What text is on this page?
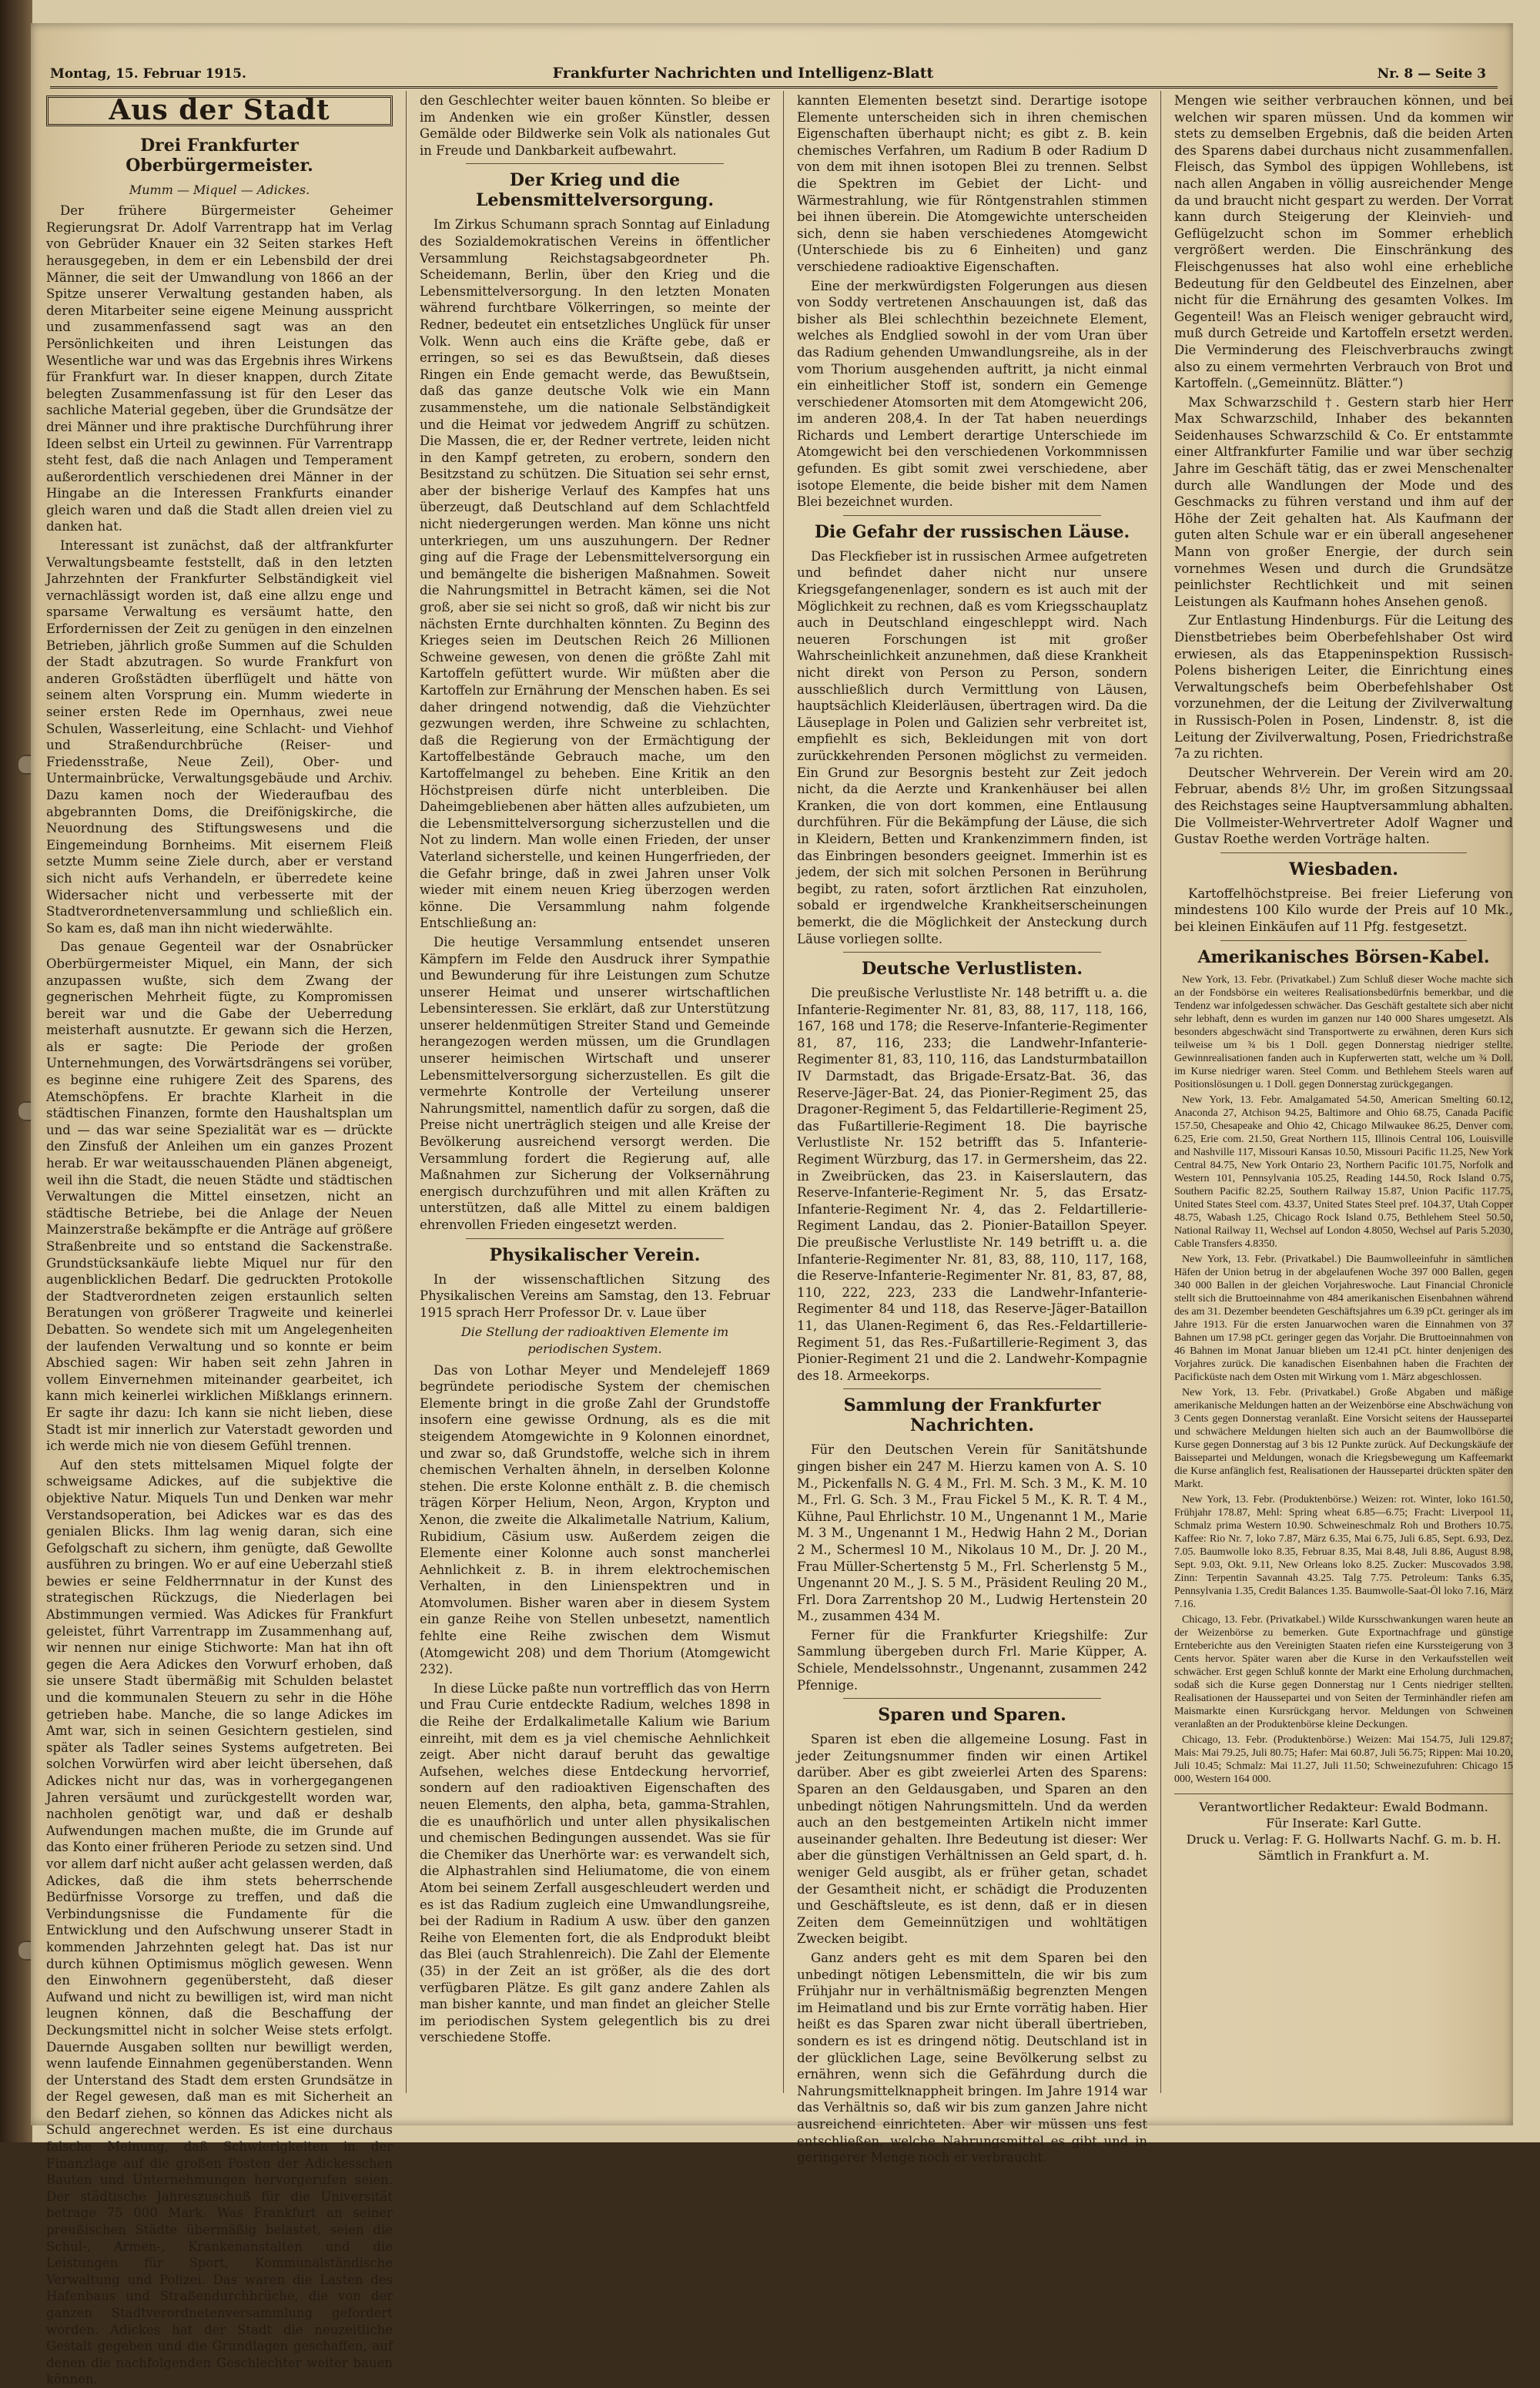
Montag, 15. Februar 1915.	Frankfurter Nachrichten und Intelligenz-Blatt	Nr. 8 — Seite 3
Aus der Stadt
Drei Frankfurter Oberbürgermeister.
Mumm — Miquel — Adickes.

Der frühere Bürgermeister Geheimer Regierungsrat Dr. Adolf Varrentrapp hat im Verlag von Gebrüder Knauer ein 32 Seiten starkes Heft herausgegeben, in dem er ein Lebensbild der drei Männer, die seit der Umwandlung von 1866 an der Spitze unserer Verwaltung gestanden haben, als deren Mitarbeiter seine eigene Meinung ausspricht und zusammenfassend sagt was an den Persönlichkeiten und ihren Leistungen das Wesentliche war und was das Ergebnis ihres Wirkens für Frankfurt war. In dieser knappen, durch Zitate belegten Zusammenfassung ist für den Leser das sachliche Material gegeben, über die Grundsätze der drei Männer und ihre praktische Durchführung ihrer Ideen selbst ein Urteil zu gewinnen. Für Varrentrapp steht fest, daß die nach Anlagen und Temperament außerordentlich verschiedenen drei Männer in der Hingabe an die Interessen Frankfurts einander gleich waren und daß die Stadt allen dreien viel zu danken hat.

Interessant ist zunächst, daß der altfrankfurter Verwaltungsbeamte feststellt, daß in den letzten Jahrzehnten der Frankfurter Selbständigkeit viel vernachlässigt worden ist, daß eine allzu enge und sparsame Verwaltung es versäumt hatte, den Erfordernissen der Zeit zu genügen in den einzelnen Betrieben, jährlich große Summen auf die Schulden der Stadt abzutragen. So wurde Frankfurt von anderen Großstädten überflügelt und hätte von seinem alten Vorsprung ein. Mumm wiederte in seiner ersten Rede im Opernhaus, zwei neue Schulen, Wasserleitung, eine Schlacht- und Viehhof und Straßendurchbrüche (Reiser- und Friedensstraße, Neue Zeil), Ober- und Untermainbrücke, Verwaltungsgebäude und Archiv. Dazu kamen noch der Wiederaufbau des abgebrannten Doms, die Dreifönigskirche, die Neuordnung des Stiftungswesens und die Eingemeindung Bornheims. Mit eisernem Fleiß setzte Mumm seine Ziele durch, aber er verstand sich nicht aufs Verhandeln, er überredete keine Widersacher nicht und verbesserte mit der Stadtverordnetenversammlung und schließlich ein. So kam es, daß man ihn nicht wiederwählte.

Das genaue Gegenteil war der Osnabrücker Oberbürgermeister Miquel, ein Mann, der sich anzupassen wußte, sich dem Zwang der gegnerischen Mehrheit fügte, zu Kompromissen bereit war und die Gabe der Ueberredung meisterhaft ausnutzte. Er gewann sich die Herzen, als er sagte: Die Periode der großen Unternehmungen, des Vorwärtsdrängens sei vorüber, es beginne eine ruhigere Zeit des Sparens, des Atemschöpfens. Er brachte Klarheit in die städtischen Finanzen, formte den Haushaltsplan um und — das war seine Spezialität war es — drückte den Zinsfuß der Anleihen um ein ganzes Prozent herab. Er war weitausschauenden Plänen abgeneigt, weil ihn die Stadt, die neuen Städte und städtischen Verwaltungen die Mittel einsetzen, nicht an städtische Betriebe, bei die Anlage der Neuen Mainzerstraße bekämpfte er die Anträge auf größere Straßenbreite und so entstand die Sackenstraße. Grundstücksankäufe liebte Miquel nur für den augenblicklichen Bedarf. Die gedruckten Protokolle der Stadtverordneten zeigen erstaunlich selten Beratungen von größerer Tragweite und keinerlei Debatten. So wendete sich mit um Angelegenheiten der laufenden Verwaltung und so konnte er beim Abschied sagen: Wir haben seit zehn Jahren in vollem Einvernehmen miteinander gearbeitet, ich kann mich keinerlei wirklichen Mißklangs erinnern. Er sagte ihr dazu: Ich kann sie nicht lieben, diese Stadt ist mir innerlich zur Vaterstadt geworden und ich werde mich nie von diesem Gefühl trennen.

Auf den stets mittelsamen Miquel folgte der schweigsame Adickes, auf die subjektive die objektive Natur. Miquels Tun und Denken war mehr Verstandsoperation, bei Adickes war es das des genialen Blicks. Ihm lag wenig daran, sich eine Gefolgschaft zu sichern, ihm genügte, daß Gewollte ausführen zu bringen. Wo er auf eine Ueberzahl stieß bewies er seine Feldherrnnatur in der Kunst des strategischen Rückzugs, die Niederlagen bei Abstimmungen vermied. Was Adickes für Frankfurt geleistet, führt Varrentrapp im Zusammenhang auf, wir nennen nur einige Stichworte: Man hat ihn oft gegen die Aera Adickes den Vorwurf erhoben, daß sie unsere Stadt übermäßig mit Schulden belastet und die kommunalen Steuern zu sehr in die Höhe getrieben habe. Manche, die so lange Adickes im Amt war, sich in seinen Gesichtern gestielen, sind später als Tadler seines Systems aufgetreten. Bei solchen Vorwürfen wird aber leicht übersehen, daß Adickes nicht nur das, was in vorhergegangenen Jahren versäumt und zurückgestellt worden war, nachholen genötigt war, und daß er deshalb Aufwendungen machen mußte, die im Grunde auf das Konto einer früheren Periode zu setzen sind. Und vor allem darf nicht außer acht gelassen werden, daß Adickes, daß die ihm stets beherrschende Bedürfnisse Vorsorge zu treffen, und daß die Verbindungsnisse die Fundamente für die Entwicklung und den Aufschwung unserer Stadt in kommenden Jahrzehnten gelegt hat. Das ist nur durch kühnen Optimismus möglich gewesen. Wenn den Einwohnern gegenübersteht, daß dieser Aufwand und nicht zu bewilligen ist, wird man nicht leugnen können, daß die Beschaffung der Deckungsmittel nicht in solcher Weise stets erfolgt. Dauernde Ausgaben sollten nur bewilligt werden, wenn laufende Einnahmen gegenüberstanden. Wenn der Unterstand des Stadt dem ersten Grundsätze in der Regel gewesen, daß man es mit Sicherheit an den Bedarf ziehen, so können das Adickes nicht als Schuld angerechnet werden. Es ist eine durchaus falsche Meinung, daß Schwierigkeiten in der Finanzlage auf die großen Posten der Adickesschen Bauten und Unternehmungen hervorgerufen seien. Der städtische Jahreszuschuß für die Universität betrage 75 000 Mark. Was Frankfurt an seiner preußischen Städte übermäßig belastet, seien die Schul-, Armen-, Krankenanstalten und die Leistungen für Sport, Kommunalständische Verwaltung und Polizei. Das waren die Lasten des Hafenbaus und Straßendurchbrüche, die von der ganzen Stadtverordnetenversammlung gefordert worden. Adickes hat der Stadt die neuzeitliche Gestalt gegeben und die Grundlagen geschaffen, auf denen die nachfolgenden Geschlechter weiter bauen können.

den Geschlechter weiter bauen könnten. So bleibe er im Andenken wie ein großer Künstler, dessen Gemälde oder Bildwerke sein Volk als nationales Gut in Freude und Dankbarkeit aufbewahrt.

Der Krieg und die Lebensmittelversorgung.

Im Zirkus Schumann sprach Sonntag auf Einladung des Sozialdemokratischen Vereins in öffentlicher Versammlung Reichstagsabgeordneter Ph. Scheidemann, Berlin, über den Krieg und die Lebensmittelversorgung. In den letzten Monaten während furchtbare Völkerringen, so meinte der Redner, bedeutet ein entsetzliches Unglück für unser Volk. Wenn auch eins die Kräfte gebe, daß er erringen, so sei es das Bewußtsein, daß dieses Ringen ein Ende gemacht werde, das Bewußtsein, daß das ganze deutsche Volk wie ein Mann zusammenstehe, um die nationale Selbständigkeit und die Heimat vor jedwedem Angriff zu schützen. Die Massen, die er, der Redner vertrete, leiden nicht in den Kampf getreten, zu erobern, sondern den Besitzstand zu schützen. Die Situation sei sehr ernst, aber der bisherige Verlauf des Kampfes hat uns überzeugt, daß Deutschland auf dem Schlachtfeld nicht niedergerungen werden. Man könne uns nicht unterkriegen, um uns auszuhungern. Der Redner ging auf die Frage der Lebensmittelversorgung ein und bemängelte die bisherigen Maßnahmen. Soweit die Nahrungsmittel in Betracht kämen, sei die Not groß, aber sie sei nicht so groß, daß wir nicht bis zur nächsten Ernte durchhalten könnten. Zu Beginn des Krieges seien im Deutschen Reich 26 Millionen Schweine gewesen, von denen die größte Zahl mit Kartoffeln gefüttert wurde. Wir müßten aber die Kartoffeln zur Ernährung der Menschen haben. Es sei daher dringend notwendig, daß die Viehzüchter gezwungen werden, ihre Schweine zu schlachten, daß die Regierung von der Ermächtigung der Kartoffelbestände Gebrauch mache, um den Kartoffelmangel zu beheben. Eine Kritik an den Höchstpreisen dürfe nicht unterbleiben. Die Daheimgebliebenen aber hätten alles aufzubieten, um die Lebensmittelversorgung sicherzustellen und die Not zu lindern. Man wolle einen Frieden, der unser Vaterland sicherstelle, und keinen Hungerfrieden, der die Gefahr bringe, daß in zwei Jahren unser Volk wieder mit einem neuen Krieg überzogen werden könne. Die Versammlung nahm folgende Entschließung an:

Die heutige Versammlung entsendet unseren Kämpfern im Felde den Ausdruck ihrer Sympathie und Bewunderung für ihre Leistungen zum Schutze unserer Heimat und unserer wirtschaftlichen Lebensinteressen. Sie erklärt, daß zur Unterstützung unserer heldenmütigen Streiter Stand und Gemeinde herangezogen werden müssen, um die Grundlagen unserer heimischen Wirtschaft und unserer Lebensmittelversorgung sicherzustellen. Es gilt die vermehrte Kontrolle der Verteilung unserer Nahrungsmittel, namentlich dafür zu sorgen, daß die Preise nicht unerträglich steigen und alle Kreise der Bevölkerung ausreichend versorgt werden. Die Versammlung fordert die Regierung auf, alle Maßnahmen zur Sicherung der Volksernährung energisch durchzuführen und mit allen Kräften zu unterstützen, daß alle Mittel zu einem baldigen ehrenvollen Frieden eingesetzt werden.

Physikalischer Verein.

In der wissenschaftlichen Sitzung des Physikalischen Vereins am Samstag, den 13. Februar 1915 sprach Herr Professor Dr. v. Laue über

Die Stellung der radioaktiven Elemente im periodischen System.

Das von Lothar Meyer und Mendelejeff 1869 begründete periodische System der chemischen Elemente bringt in die große Zahl der Grundstoffe insofern eine gewisse Ordnung, als es die mit steigendem Atomgewichte in 9 Kolonnen einordnet, und zwar so, daß Grundstoffe, welche sich in ihrem chemischen Verhalten ähneln, in derselben Kolonne stehen. Die erste Kolonne enthält z. B. die chemisch trägen Körper Helium, Neon, Argon, Krypton und Xenon, die zweite die Alkalimetalle Natrium, Kalium, Rubidium, Cäsium usw. Außerdem zeigen die Elemente einer Kolonne auch sonst mancherlei Aehnlichkeit z. B. in ihrem elektrochemischen Verhalten, in den Linienspektren und in Atomvolumen. Bisher waren aber in diesem System ein ganze Reihe von Stellen unbesetzt, namentlich fehlte eine Reihe zwischen dem Wismut (Atomgewicht 208) und dem Thorium (Atomgewicht 232).

In diese Lücke paßte nun vortrefflich das von Herrn und Frau Curie entdeckte Radium, welches 1898 in die Reihe der Erdalkalimetalle Kalium wie Barium einreiht, mit dem es ja viel chemische Aehnlichkeit zeigt. Aber nicht darauf beruht das gewaltige Aufsehen, welches diese Entdeckung hervorrief, sondern auf den radioaktiven Eigenschaften des neuen Elements, den alpha, beta, gamma-Strahlen, die es unaufhörlich und unter allen physikalischen und chemischen Bedingungen aussendet. Was sie für die Chemiker das Unerhörte war: es verwandelt sich, die Alphastrahlen sind Heliumatome, die von einem Atom bei seinem Zerfall ausgeschleudert werden und es ist das Radium zugleich eine Umwandlungsreihe, bei der Radium in Radium A usw. über den ganzen Reihe von Elementen fort, die als Endprodukt bleibt das Blei (auch Strahlenreich). Die Zahl der Elemente (35) in der Zeit an ist größer, als die des dort verfügbaren Plätze. Es gilt ganz andere Zahlen als man bisher kannte, und man findet an gleicher Stelle im periodischen System gelegentlich bis zu drei verschiedene Stoffe.

kannten Elementen besetzt sind. Derartige isotope Elemente unterscheiden sich in ihren chemischen Eigenschaften überhaupt nicht; es gibt z. B. kein chemisches Verfahren, um Radium B oder Radium D von dem mit ihnen isotopen Blei zu trennen. Selbst die Spektren im Gebiet der Licht- und Wärmestrahlung, wie für Röntgenstrahlen stimmen bei ihnen überein. Die Atomgewichte unterscheiden sich, denn sie haben verschiedenes Atomgewicht (Unterschiede bis zu 6 Einheiten) und ganz verschiedene radioaktive Eigenschaften.

Eine der merkwürdigsten Folgerungen aus diesen von Soddy vertretenen Anschauungen ist, daß das bisher als Blei schlechthin bezeichnete Element, welches als Endglied sowohl in der vom Uran über das Radium gehenden Umwandlungsreihe, als in der vom Thorium ausgehenden auftritt, ja nicht einmal ein einheitlicher Stoff ist, sondern ein Gemenge verschiedener Atomsorten mit dem Atomgewicht 206, im anderen 208,4. In der Tat haben neuerdings Richards und Lembert derartige Unterschiede im Atomgewicht bei den verschiedenen Vorkommnissen gefunden. Es gibt somit zwei verschiedene, aber isotope Elemente, die beide bisher mit dem Namen Blei bezeichnet wurden.

Die Gefahr der russischen Läuse.

Das Fleckfieber ist in russischen Armee aufgetreten und befindet daher nicht nur unsere Kriegsgefangenenlager, sondern es ist auch mit der Möglichkeit zu rechnen, daß es vom Kriegsschauplatz auch in Deutschland eingeschleppt wird. Nach neueren Forschungen ist mit großer Wahrscheinlichkeit anzunehmen, daß diese Krankheit nicht direkt von Person zu Person, sondern ausschließlich durch Vermittlung von Läusen, hauptsächlich Kleiderläusen, übertragen wird. Da die Läuseplage in Polen und Galizien sehr verbreitet ist, empfiehlt es sich, Bekleidungen mit von dort zurückkehrenden Personen möglichst zu vermeiden. Ein Grund zur Besorgnis besteht zur Zeit jedoch nicht, da die Aerzte und Krankenhäuser bei allen Kranken, die von dort kommen, eine Entlausung durchführen. Für die Bekämpfung der Läuse, die sich in Kleidern, Betten und Krankenzimmern finden, ist das Einbringen besonders geeignet. Immerhin ist es jedem, der sich mit solchen Personen in Berührung begibt, zu raten, sofort ärztlichen Rat einzuholen, sobald er irgendwelche Krankheitserscheinungen bemerkt, die die Möglichkeit der Ansteckung durch Läuse vorliegen sollte.

Deutsche Verlustlisten.

Die preußische Verlustliste Nr. 148 betrifft u. a. die Infanterie-Regimenter Nr. 81, 83, 88, 117, 118, 166, 167, 168 und 178; die Reserve-Infanterie-Regimenter 81, 87, 116, 233; die Landwehr-Infanterie-Regimenter 81, 83, 110, 116, das Landsturmbataillon IV Darmstadt, das Brigade-Ersatz-Bat. 36, das Reserve-Jäger-Bat. 24, das Pionier-Regiment 25, das Dragoner-Regiment 5, das Feldartillerie-Regiment 25, das Fußartillerie-Regiment 18. Die bayrische Verlustliste Nr. 152 betrifft das 5. Infanterie-Regiment Würzburg, das 17. in Germersheim, das 22. in Zweibrücken, das 23. in Kaiserslautern, das Reserve-Infanterie-Regiment Nr. 5, das Ersatz-Infanterie-Regiment Nr. 4, das 2. Feldartillerie-Regiment Landau, das 2. Pionier-Bataillon Speyer. Die preußische Verlustliste Nr. 149 betrifft u. a. die Infanterie-Regimenter Nr. 81, 83, 88, 110, 117, 168, die Reserve-Infanterie-Regimenter Nr. 81, 83, 87, 88, 110, 222, 223, 233 die Landwehr-Infanterie-Regimenter 84 und 118, das Reserve-Jäger-Bataillon 11, das Ulanen-Regiment 6, das Res.-Feldartillerie-Regiment 51, das Res.-Fußartillerie-Regiment 3, das Pionier-Regiment 21 und die 2. Landwehr-Kompagnie des 18. Armeekorps.

Sammlung der Frankfurter Nachrichten.

Für den Deutschen Verein für Sanitätshunde gingen bisher ein 247 M. Hierzu kamen von A. S. 10 M., Pickenfalls N. G. 4 M., Frl. M. Sch. 3 M., K. M. 10 M., Frl. G. Sch. 3 M., Frau Fickel 5 M., K. R. T. 4 M., Kühne, Paul Ehrlichstr. 10 M., Ungenannt 1 M., Marie M. 3 M., Ungenannt 1 M., Hedwig Hahn 2 M., Dorian 2 M., Schermesl 10 M., Nikolaus 10 M., Dr. J. 20 M., Frau Müller-Schertenstg 5 M., Frl. Scherlenstg 5 M., Ungenannt 20 M., J. S. 5 M., Präsident Reuling 20 M., Frl. Dora Zarrentshop 20 M., Ludwig Hertenstein 20 M., zusammen 434 M.

Ferner für die Frankfurter Kriegshilfe: Zur Sammlung übergeben durch Frl. Marie Küpper, A. Schiele, Mendelssohnstr., Ungenannt, zusammen 242 Pfennige.

Sparen und Sparen.

Sparen ist eben die allgemeine Losung. Fast in jeder Zeitungsnummer finden wir einen Artikel darüber. Aber es gibt zweierlei Arten des Sparens: Sparen an den Geldausgaben, und Sparen an den unbedingt nötigen Nahrungsmitteln. Und da werden auch an den bestgemeinten Artikeln nicht immer auseinander gehalten. Ihre Bedeutung ist dieser: Wer aber die günstigen Verhältnissen an Geld spart, d. h. weniger Geld ausgibt, als er früher getan, schadet der Gesamtheit nicht, er schädigt die Produzenten und Geschäftsleute, es ist denn, daß er in diesen Zeiten dem Gemeinnützigen und wohltätigen Zwecken beigibt.

Ganz anders geht es mit dem Sparen bei den unbedingt nötigen Lebensmitteln, die wir bis zum Frühjahr nur in verhältnismäßig begrenzten Mengen im Heimatland und bis zur Ernte vorrätig haben. Hier heißt es das Sparen zwar nicht überall übertrieben, sondern es ist es dringend nötig. Deutschland ist in der glücklichen Lage, seine Bevölkerung selbst zu ernähren, wenn sich die Gefährdung durch die Nahrungsmittelknappheit bringen. Im Jahre 1914 war das Verhältnis so, daß wir bis zum ganzen Jahre nicht ausreichend einrichteten. Aber wir müssen uns fest entschließen, welche Nahrungsmittel es gibt und in geringerer Menge noch er verbraucht.

Mengen wie seither verbrauchen können, und bei welchen wir sparen müssen. Und da kommen wir stets zu demselben Ergebnis, daß die beiden Arten des Sparens dabei durchaus nicht zusammenfallen. Fleisch, das Symbol des üppigen Wohllebens, ist nach allen Angaben in völlig ausreichender Menge da und braucht nicht gespart zu werden. Der Vorrat kann durch Steigerung der Kleinvieh- und Geflügelzucht schon im Sommer erheblich vergrößert werden. Die Einschränkung des Fleischgenusses hat also wohl eine erhebliche Bedeutung für den Geldbeutel des Einzelnen, aber nicht für die Ernährung des gesamten Volkes. Im Gegenteil! Was an Fleisch weniger gebraucht wird, muß durch Getreide und Kartoffeln ersetzt werden. Die Verminderung des Fleischverbrauchs zwingt also zu einem vermehrten Verbrauch von Brot und Kartoffeln. („Gemeinnütz. Blätter.“)

Max Schwarzschild †. Gestern starb hier Herr Max Schwarzschild, Inhaber des bekannten Seidenhauses Schwarzschild & Co. Er entstammte einer Altfrankfurter Familie und war über sechzig Jahre im Geschäft tätig, das er zwei Menschenalter durch alle Wandlungen der Mode und des Geschmacks zu führen verstand und ihm auf der Höhe der Zeit gehalten hat. Als Kaufmann der guten alten Schule war er ein überall angesehener Mann von großer Energie, der durch sein vornehmes Wesen und durch die Grundsätze peinlichster Rechtlichkeit und mit seinen Leistungen als Kaufmann hohes Ansehen genoß.

Zur Entlastung Hindenburgs. Für die Leitung des Dienstbetriebes beim Oberbefehlshaber Ost wird erwiesen, als das Etappeninspektion Russisch-Polens bisherigen Leiter, die Einrichtung eines Verwaltungschefs beim Oberbefehlshaber Ost vorzunehmen, der die Leitung der Zivilverwaltung in Russisch-Polen in Posen, Lindenstr. 8, ist die Leitung der Zivilverwaltung, Posen, Friedrichstraße 7a zu richten.

Deutscher Wehrverein. Der Verein wird am 20. Februar, abends 8½ Uhr, im großen Sitzungssaal des Reichstages seine Hauptversammlung abhalten. Die Vollmeister-Wehrvertreter Adolf Wagner und Gustav Roethe werden Vorträge halten.

Wiesbaden.

Kartoffelhöchstpreise. Bei freier Lieferung von mindestens 100 Kilo wurde der Preis auf 10 Mk., bei kleinen Einkäufen auf 11 Pfg. festgesetzt.

Amerikanisches Börsen-Kabel.

New York, 13. Febr. (Privatkabel.) Zum Schluß dieser Woche machte sich an der Fondsbörse ein weiteres Realisationsbedürfnis bemerkbar, und die Tendenz war infolgedessen schwächer. Das Geschäft gestaltete sich aber nicht sehr lebhaft, denn es wurden im ganzen nur 140 000 Shares umgesetzt. Als besonders abgeschwächt sind Transportwerte zu erwähnen, deren Kurs sich teilweise um ¾ bis 1 Doll. gegen Donnerstag niedriger stellte. Gewinnrealisationen fanden auch in Kupferwerten statt, welche um ¾ Doll. im Kurse niedriger waren. Steel Comm. und Bethlehem Steels waren auf Positionslösungen u. 1 Doll. gegen Donnerstag zurückgegangen.

New York, 13. Febr. Amalgamated 54.50, American Smelting 60.12, Anaconda 27, Atchison 94.25, Baltimore and Ohio 68.75, Canada Pacific 157.50, Chesapeake and Ohio 42, Chicago Milwaukee 86.25, Denver com. 6.25, Erie com. 21.50, Great Northern 115, Illinois Central 106, Louisville and Nashville 117, Missouri Kansas 10.50, Missouri Pacific 11.25, New York Central 84.75, New York Ontario 23, Northern Pacific 101.75, Norfolk and Western 101, Pennsylvania 105.25, Reading 144.50, Rock Island 0.75, Southern Pacific 82.25, Southern Railway 15.87, Union Pacific 117.75, United States Steel com. 43.37, United States Steel pref. 104.37, Utah Copper 48.75, Wabash 1.25, Chicago Rock Island 0.75, Bethlehem Steel 50.50, National Railway 11, Wechsel auf London 4.8050, Wechsel auf Paris 5.2030, Cable Transfers 4.8350.

New York, 13. Febr. (Privatkabel.) Die Baumwolleeinfuhr in sämtlichen Häfen der Union betrug in der abgelaufenen Woche 397 000 Ballen, gegen 340 000 Ballen in der gleichen Vorjahreswoche. Laut Financial Chronicle stellt sich die Bruttoeinnahme von 484 amerikanischen Eisenbahnen während des am 31. Dezember beendeten Geschäftsjahres um 6.39 pCt. geringer als im Jahre 1913. Für die ersten Januarwochen waren die Einnahmen von 37 Bahnen um 17.98 pCt. geringer gegen das Vorjahr. Die Bruttoeinnahmen von 46 Bahnen im Monat Januar blieben um 12.41 pCt. hinter denjenigen des Vorjahres zurück. Die kanadischen Eisenbahnen haben die Frachten der Pacificküste nach dem Osten mit Wirkung vom 1. März abgeschlossen.

New York, 13. Febr. (Privatkabel.) Große Abgaben und mäßige amerikanische Meldungen hatten an der Weizenbörse eine Abschwächung von 3 Cents gegen Donnerstag veranlaßt. Eine Vorsicht seitens der Haussepartei und schwächere Meldungen hielten sich auch an der Baumwollbörse die Kurse gegen Donnerstag auf 3 bis 12 Punkte zurück. Auf Deckungskäufe der Baissepartei und Meldungen, wonach die Kriegsbewegung um Kaffeemarkt die Kurse anfänglich fest, Realisationen der Haussepartei drückten später den Markt.

New York, 13. Febr. (Produktenbörse.) Weizen: rot. Winter, loko 161.50, Frühjahr 178.87, Mehl: Spring wheat 6.85—6.75; Fracht: Liverpool 11, Schmalz prima Western 10.90. Schweineschmalz Roh und Brothers 10.75. Kaffee: Rio Nr. 7, loko 7.87, März 6.35, Mai 6.75, Juli 6.85, Sept. 6.93, Dez. 7.05. Baumwolle loko 8.35, Februar 8.35, Mai 8.48, Juli 8.86, August 8.98, Sept. 9.03, Okt. 9.11, New Orleans loko 8.25. Zucker: Muscovados 3.98. Zinn: Terpentin Savannah 43.25. Talg 7.75. Petroleum: Tanks 6.35, Pennsylvania 1.35, Credit Balances 1.35. Baumwolle-Saat-Öl loko 7.16, März 7.16.

Chicago, 13. Febr. (Privatkabel.) Wilde Kursschwankungen waren heute an der Weizenbörse zu bemerken. Gute Exportnachfrage und günstige Ernteberichte aus den Vereinigten Staaten riefen eine Kurssteigerung von 3 Cents hervor. Später waren aber die Kurse in den Verkaufsstellen weit schwächer. Erst gegen Schluß konnte der Markt eine Erholung durchmachen, sodaß sich die Kurse gegen Donnerstag nur 1 Cents niedriger stellten. Realisationen der Haussepartei und von Seiten der Terminhändler riefen am Maismarkte einen Kursrückgang hervor. Meldungen von Schweinen veranlaßten an der Produktenbörse kleine Deckungen.

Chicago, 13. Febr. (Produktenbörse.) Weizen: Mai 154.75, Juli 129.87; Mais: Mai 79.25, Juli 80.75; Hafer: Mai 60.87, Juli 56.75; Rippen: Mai 10.20, Juli 10.45; Schmalz: Mai 11.27, Juli 11.50; Schweinezufuhren: Chicago 15 000, Western 164 000.

Verantwortlicher Redakteur: Ewald Bodmann.
Für Inserate: Karl Gutte.
Druck u. Verlag: F. G. Hollwarts Nachf. G. m. b. H.
Sämtlich in Frankfurt a. M.
